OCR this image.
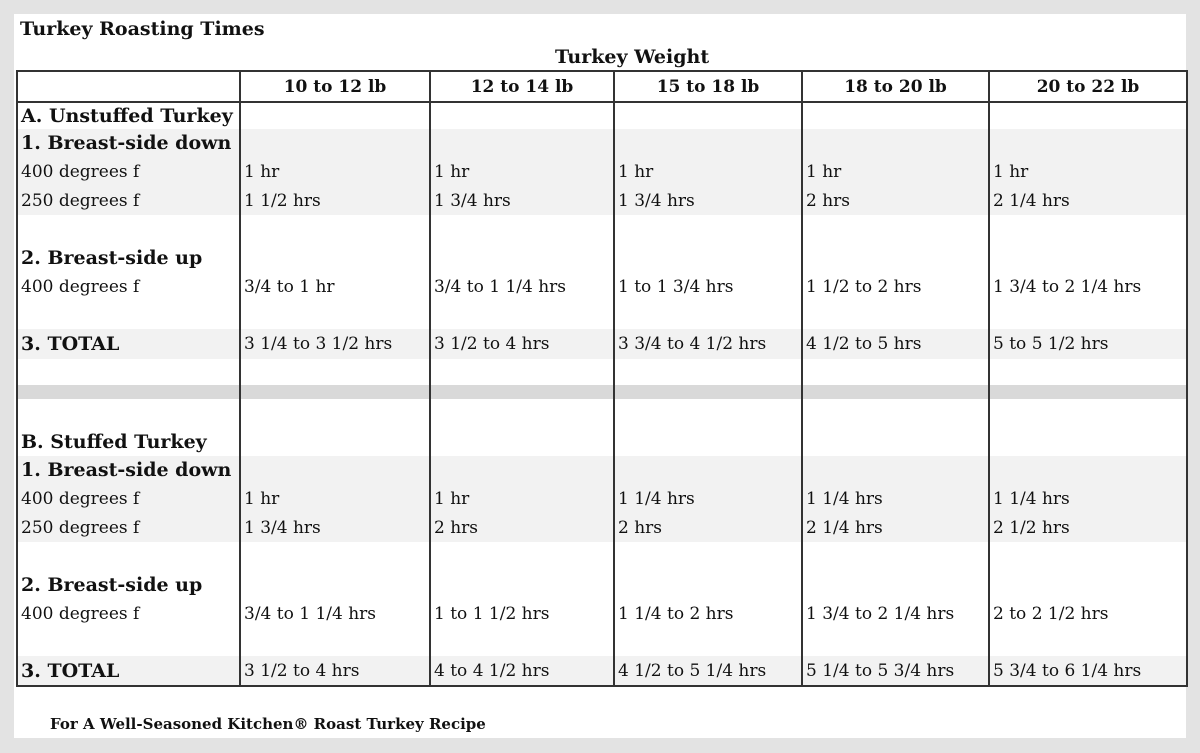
Turkey Roasting Times
Turkey Weight
	10 to 12 lb	12 to 14 lb	15 to 18 lb	18 to 20 lb	20 to 22 lb
A. Unstuffed Turkey					
1. Breast-side down					
400 degrees f	1 hr	1 hr	1 hr	1 hr	1 hr
250 degrees f	1 1/2 hrs	1 3/4 hrs	1 3/4 hrs	2 hrs	2 1/4 hrs

2. Breast-side up					
400 degrees f	3/4 to 1 hr	3/4 to 1 1/4 hrs	1 to 1 3/4 hrs	1 1/2 to 2 hrs	1 3/4 to 2 1/4 hrs

3. TOTAL	3 1/4 to 3 1/2 hrs	3 1/2 to 4 hrs	3 3/4 to 4 1/2 hrs	4 1/2 to 5 hrs	5 to 5 1/2 hrs

B. Stuffed Turkey					
1. Breast-side down					
400 degrees f	1 hr	1 hr	1 1/4 hrs	1 1/4 hrs	1 1/4 hrs
250 degrees f	1 3/4 hrs	2 hrs	2 hrs	2 1/4 hrs	2 1/2 hrs

2. Breast-side up					
400 degrees f	3/4 to 1 1/4 hrs	1 to 1 1/2 hrs	1 1/4 to 2 hrs	1 3/4 to 2 1/4 hrs	2 to 2 1/2 hrs

3. TOTAL	3 1/2 to 4 hrs	4 to 4 1/2 hrs	4 1/2 to 5 1/4 hrs	5 1/4 to 5 3/4 hrs	5 3/4 to 6 1/4 hrs
For A Well-Seasoned Kitchen® Roast Turkey Recipe
